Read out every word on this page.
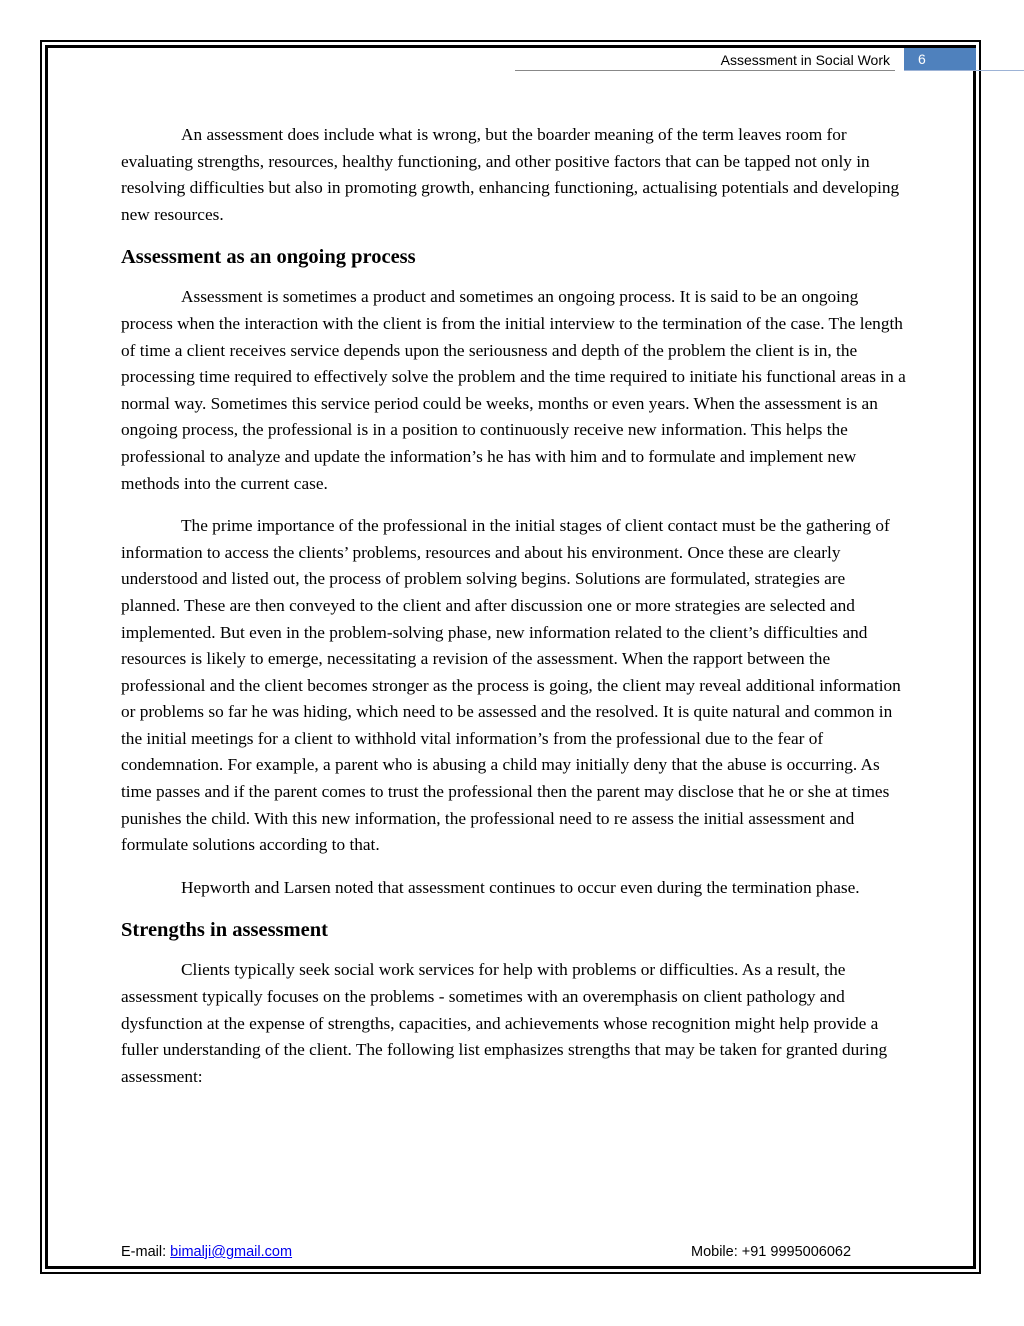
Assessment in Social Work	6

An assessment does include what is wrong, but the boarder meaning of the term leaves room for evaluating strengths, resources, healthy functioning, and other positive factors that can be tapped not only in resolving difficulties but also in promoting growth, enhancing functioning, actualising potentials and developing new resources.

Assessment as an ongoing process

Assessment is sometimes a product and sometimes an ongoing process. It is said to be an ongoing process when the interaction with the client is from the initial interview to the termination of the case. The length of time a client receives service depends upon the seriousness and depth of the problem the client is in, the processing time required to effectively solve the problem and the time required to initiate his functional areas in a normal way. Sometimes this service period could be weeks, months or even years. When the assessment is an ongoing process, the professional is in a position to continuously receive new information. This helps the professional to analyze and update the information’s he has with him and to formulate and implement new methods into the current case.

The prime importance of the professional in the initial stages of client contact must be the gathering of information to access the clients’ problems, resources and about his environment. Once these are clearly understood and listed out, the process of problem solving begins. Solutions are formulated, strategies are planned. These are then conveyed to the client and after discussion one or more strategies are selected and implemented. But even in the problem-solving phase, new information related to the client’s difficulties and resources is likely to emerge, necessitating a revision of the assessment. When the rapport between the professional and the client becomes stronger as the process is going, the client may reveal additional information or problems so far he was hiding, which need to be assessed and the resolved. It is quite natural and common in the initial meetings for a client to withhold vital information’s from the professional due to the fear of condemnation. For example, a parent who is abusing a child may initially deny that the abuse is occurring. As time passes and if the parent comes to trust the professional then the parent may disclose that he or she at times punishes the child. With this new information, the professional need to re assess the initial assessment and formulate solutions according to that.

Hepworth and Larsen noted that assessment continues to occur even during the termination phase.

Strengths in assessment

Clients typically seek social work services for help with problems or difficulties. As a result, the assessment typically focuses on the problems - sometimes with an overemphasis on client pathology and dysfunction at the expense of strengths, capacities, and achievements whose recognition might help provide a fuller understanding of the client. The following list emphasizes strengths that may be taken for granted during assessment:

E-mail: bimalji@gmail.com	Mobile: +91 9995006062
